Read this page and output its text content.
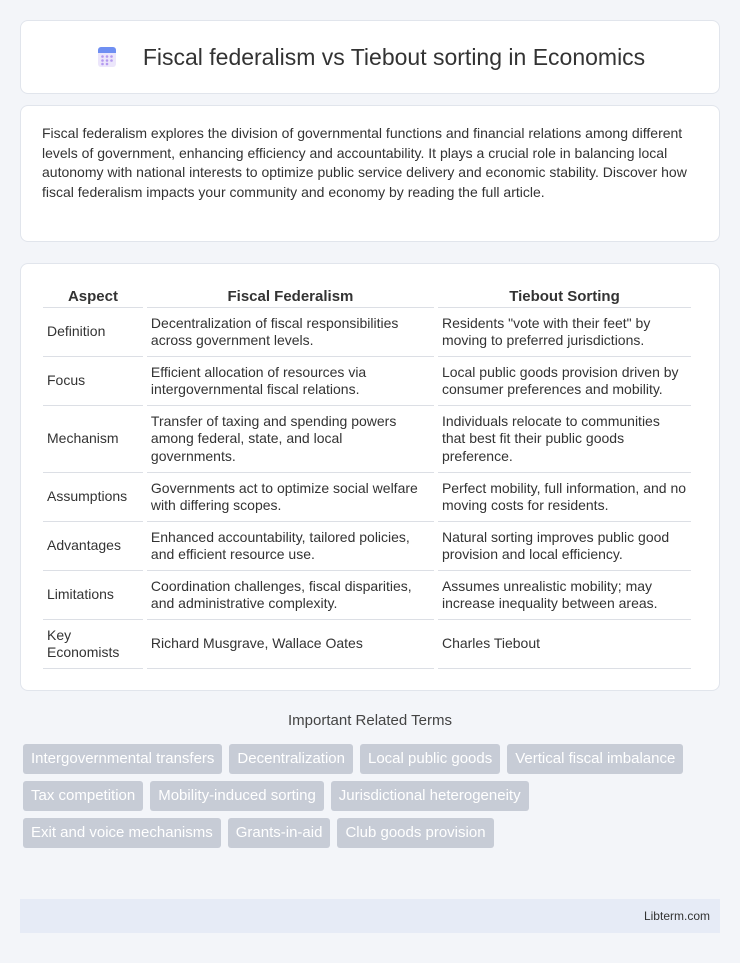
Fiscal federalism vs Tiebout sorting in Economics

Fiscal federalism explores the division of governmental functions and financial relations among different levels of government, enhancing efficiency and accountability. It plays a crucial role in balancing local autonomy with national interests to optimize public service delivery and economic stability. Discover how fiscal federalism impacts your community and economy by reading the full article.

Aspect	Fiscal Federalism	Tiebout Sorting
Definition	Decentralization of fiscal responsibilities across government levels.	Residents "vote with their feet" by moving to preferred jurisdictions.
Focus	Efficient allocation of resources via intergovernmental fiscal relations.	Local public goods provision driven by consumer preferences and mobility.
Mechanism	Transfer of taxing and spending powers among federal, state, and local governments.	Individuals relocate to communities that best fit their public goods preference.
Assumptions	Governments act to optimize social welfare with differing scopes.	Perfect mobility, full information, and no moving costs for residents.
Advantages	Enhanced accountability, tailored policies, and efficient resource use.	Natural sorting improves public good provision and local efficiency.
Limitations	Coordination challenges, fiscal disparities, and administrative complexity.	Assumes unrealistic mobility; may increase inequality between areas.
Key Economists	Richard Musgrave, Wallace Oates	Charles Tiebout
Important Related Terms
Intergovernmental transfers	Decentralization	Local public goods	Vertical fiscal imbalance
Tax competition	Mobility-induced sorting	Jurisdictional heterogeneity
Exit and voice mechanisms	Grants-in-aid	Club goods provision
Libterm.com
